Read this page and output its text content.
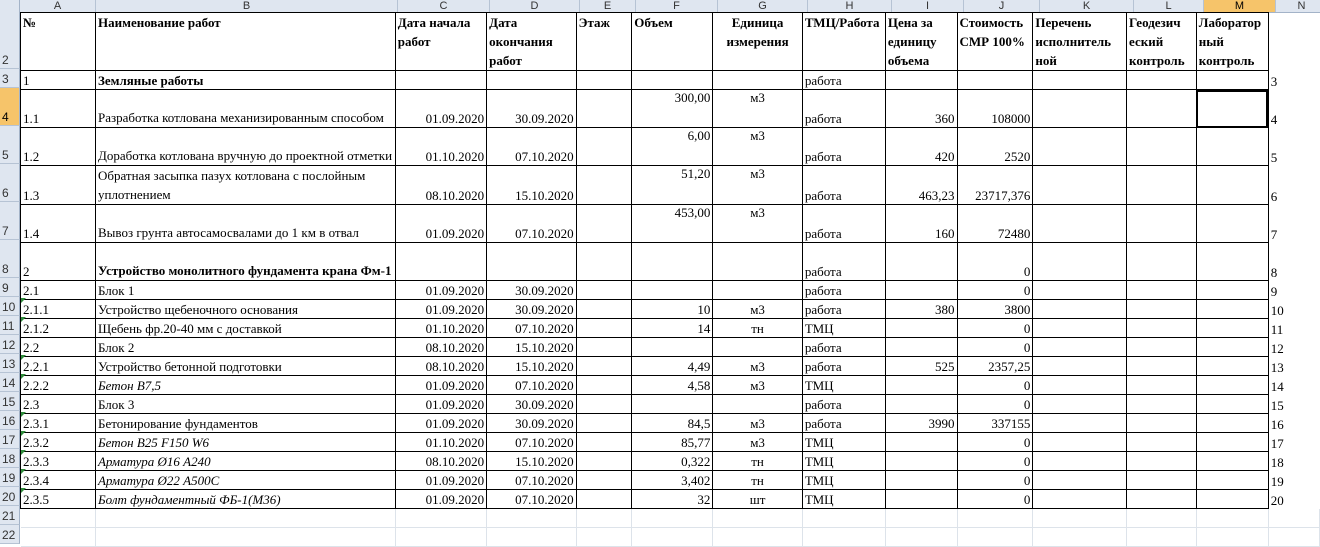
A	B	C	D	E	F	G	H	I	J	K	L	M	N
2
3
4
5
6
7
8
9
10
11
12
13
14
15
16
17
18
19
20
21
22
№	Наименование работ	Дата начала работ	Дата окончания работ	Этаж	Объем	Единица измерения	ТМЦ/Работа	Цена за единицу объема	Стоимость СМР 100%	Перечень исполнитель ной	Геодезич еский контроль	Лаборатор ный контроль	
1	Земляные работы						работа						3
1.1	Разработка котлована механизированным способом	01.09.2020	30.09.2020		300,00	м3	работа	360	108000				4
1.2	Доработка котлована вручную до проектной отметки	01.10.2020	07.10.2020		6,00	м3	работа	420	2520				5
1.3	Обратная засыпка пазух котлована с послойным уплотнением	08.10.2020	15.10.2020		51,20	м3	работа	463,23	23717,376				6
1.4	Вывоз грунта автосамосвалами до 1 км в отвал	01.09.2020	07.10.2020		453,00	м3	работа	160	72480				7
2	Устройство монолитного фундамента крана Фм-1						работа		0				8
2.1	Блок 1	01.09.2020	30.09.2020				работа		0				9
2.1.1	Устройство щебеночного основания	01.09.2020	30.09.2020		10	м3	работа	380	3800				10
2.1.2	Щебень фр.20-40 мм с доставкой	01.10.2020	07.10.2020		14	тн	ТМЦ		0				11
2.2	Блок 2	08.10.2020	15.10.2020				работа		0				12
2.2.1	Устройство бетонной подготовки	08.10.2020	15.10.2020		4,49	м3	работа	525	2357,25				13
2.2.2	Бетон В7,5	01.09.2020	07.10.2020		4,58	м3	ТМЦ		0				14
2.3	Блок 3	01.09.2020	30.09.2020				работа		0				15
2.3.1	Бетонирование фундаментов	01.09.2020	30.09.2020		84,5	м3	работа	3990	337155				16
2.3.2	Бетон В25 F150 W6	01.10.2020	07.10.2020		85,77	м3	ТМЦ		0				17
2.3.3	Арматура Ø16 А240	08.10.2020	15.10.2020		0,322	тн	ТМЦ		0				18
2.3.4	Арматура Ø22 А500С	01.09.2020	07.10.2020		3,402	тн	ТМЦ		0				19
2.3.5	Болт фундаментный ФБ-1(М36)	01.09.2020	07.10.2020		32	шт	ТМЦ		0				20
